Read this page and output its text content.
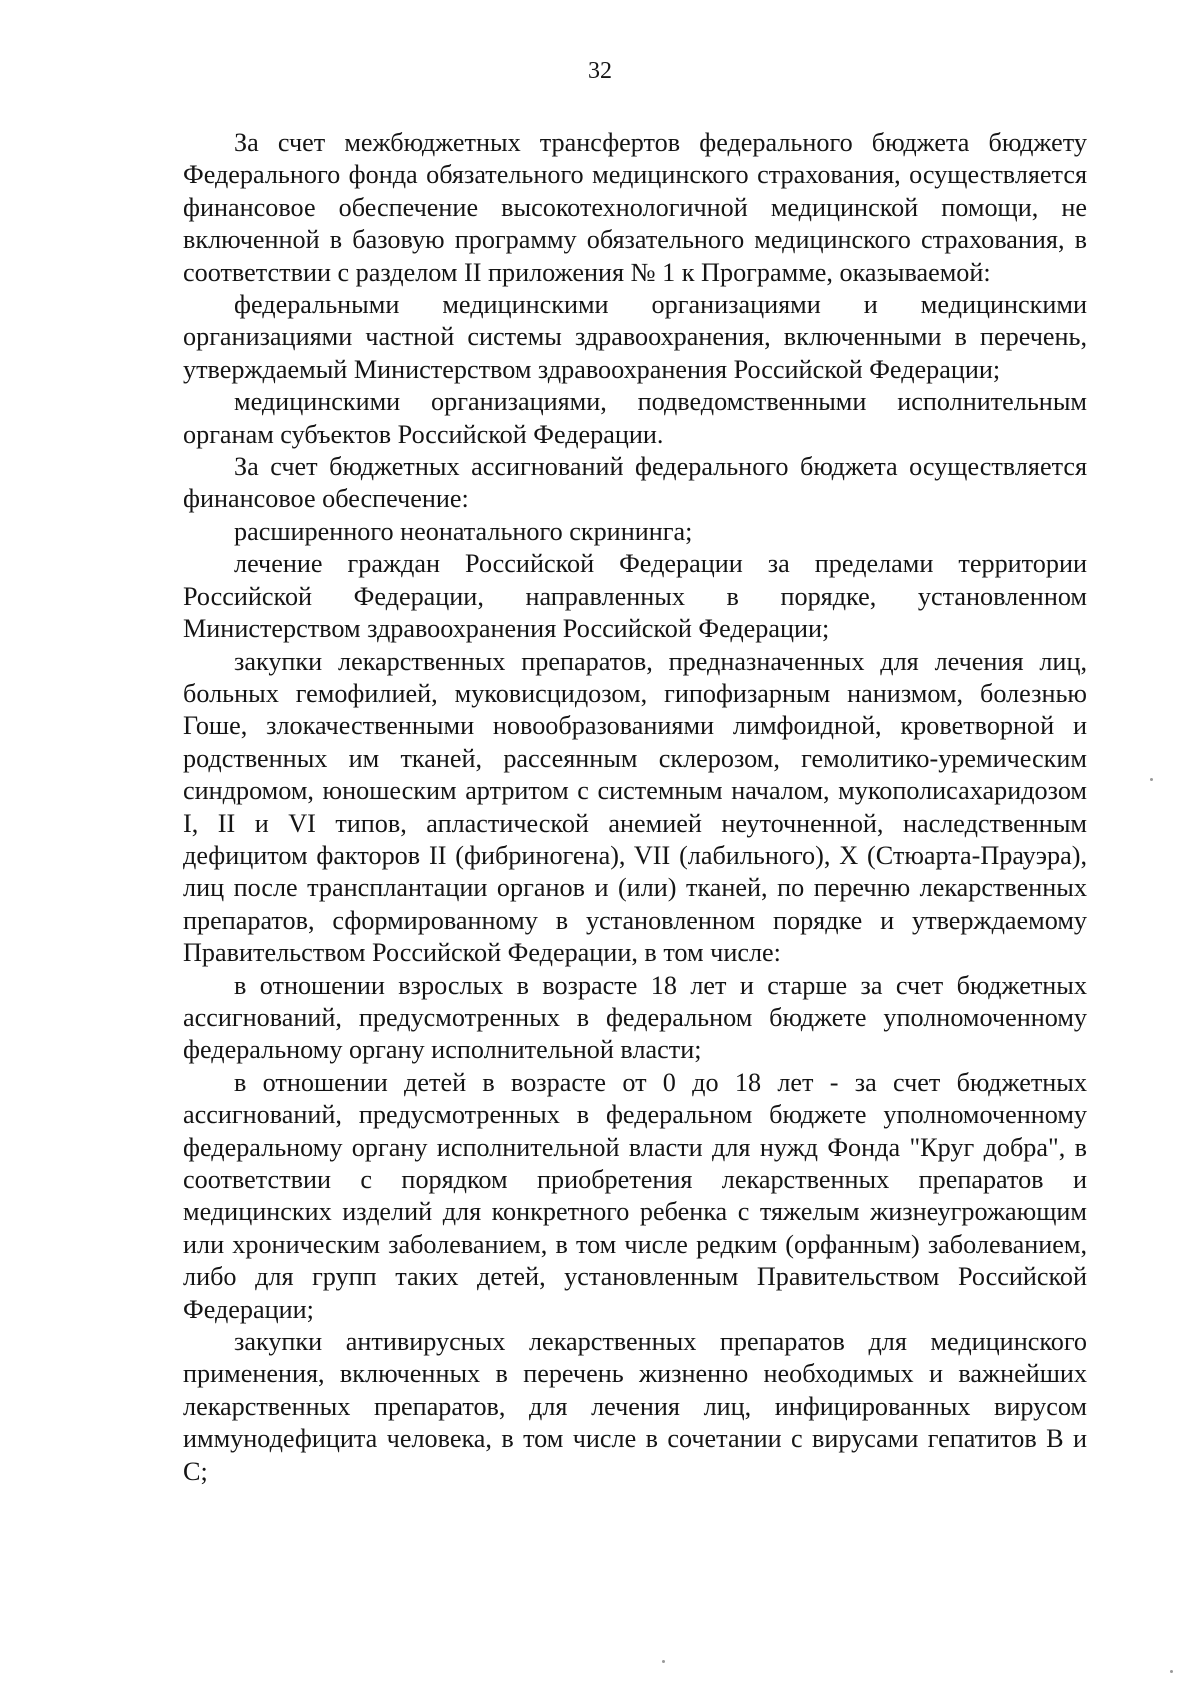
32

За счет межбюджетных трансфертов федерального бюджета бюджету Федерального фонда обязательного медицинского страхования, осуществляется финансовое обеспечение высокотехнологичной медицинской помощи, не включенной в базовую программу обязательного медицинского страхования, в соответствии с разделом II приложения № 1 к Программе, оказываемой:

федеральными медицинскими организациями и медицинскими организациями частной системы здравоохранения, включенными в перечень, утверждаемый Министерством здравоохранения Российской Федерации;

медицинскими организациями, подведомственными исполнительным органам субъектов Российской Федерации.

За счет бюджетных ассигнований федерального бюджета осуществляется финансовое обеспечение:

расширенного неонатального скрининга;

лечение граждан Российской Федерации за пределами территории Российской Федерации, направленных в порядке, установленном Министерством здравоохранения Российской Федерации;

закупки лекарственных препаратов, предназначенных для лечения лиц, больных гемофилией, муковисцидозом, гипофизарным нанизмом, болезнью Гоше, злокачественными новообразованиями лимфоидной, кроветворной и родственных им тканей, рассеянным склерозом, гемолитико-уремическим синдромом, юношеским артритом с системным началом, мукополисахаридозом I, II и VI типов, апластической анемией неуточненной, наследственным дефицитом факторов II (фибриногена), VII (лабильного), X (Стюарта-Прауэра), лиц после трансплантации органов и (или) тканей, по перечню лекарственных препаратов, сформированному в установленном порядке и утверждаемому Правительством Российской Федерации, в том числе:

в отношении взрослых в возрасте 18 лет и старше за счет бюджетных ассигнований, предусмотренных в федеральном бюджете уполномоченному федеральному органу исполнительной власти;

в отношении детей в возрасте от 0 до 18 лет - за счет бюджетных ассигнований, предусмотренных в федеральном бюджете уполномоченному федеральному органу исполнительной власти для нужд Фонда "Круг добра", в соответствии с порядком приобретения лекарственных препаратов и медицинских изделий для конкретного ребенка с тяжелым жизнеугрожающим или хроническим заболеванием, в том числе редким (орфанным) заболеванием, либо для групп таких детей, установленным Правительством Российской Федерации;

закупки антивирусных лекарственных препаратов для медицинского применения, включенных в перечень жизненно необходимых и важнейших лекарственных препаратов, для лечения лиц, инфицированных вирусом иммунодефицита человека, в том числе в сочетании с вирусами гепатитов B и C;
